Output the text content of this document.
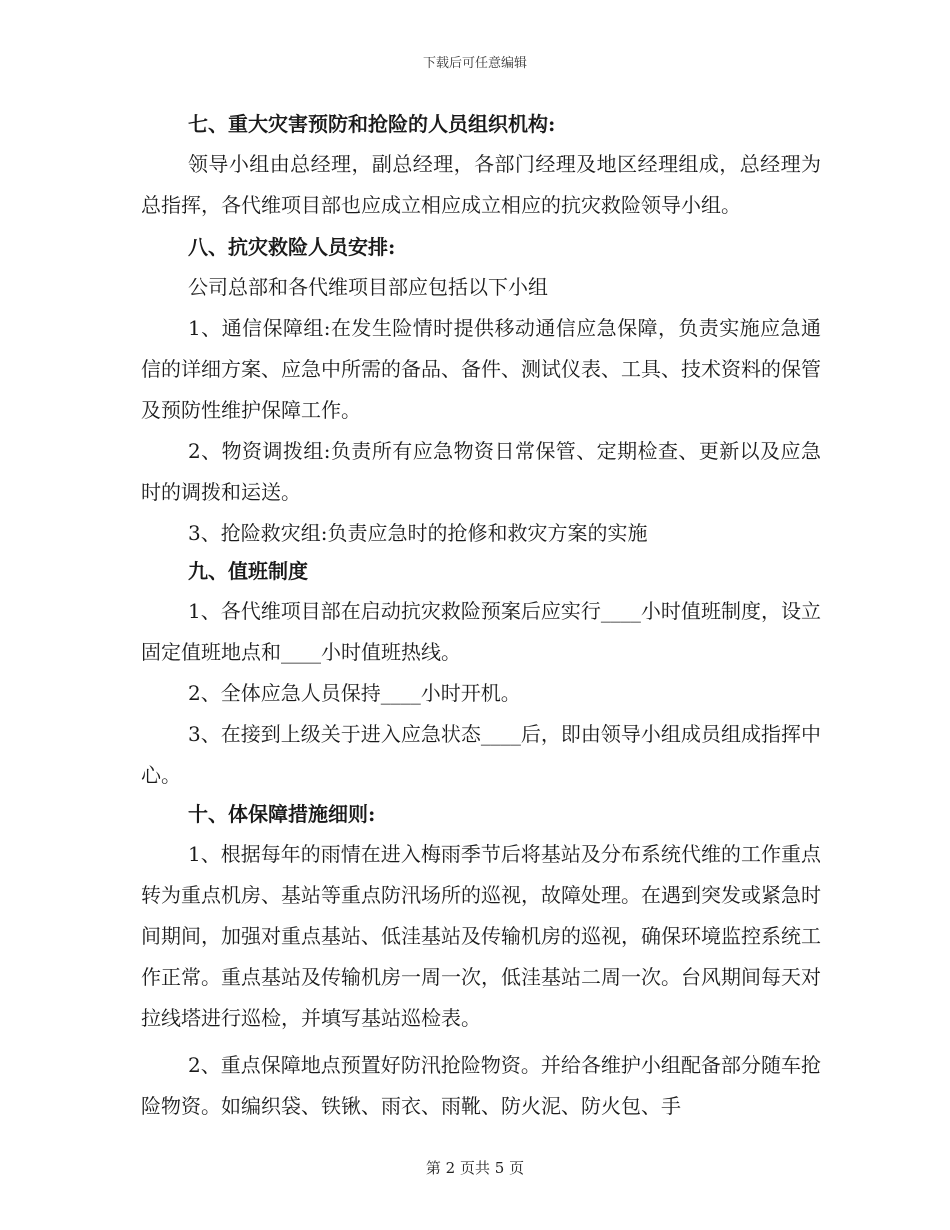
下载后可任意编辑

七、重大灾害预防和抢险的人员组织机构:

领导小组由总经理，副总经理，各部门经理及地区经理组成，总经理为总指挥，各代维项目部也应成立相应成立相应的抗灾救险领导小组。

八、抗灾救险人员安排:

公司总部和各代维项目部应包括以下小组

1、通信保障组:在发生险情时提供移动通信应急保障，负责实施应急通信的详细方案、应急中所需的备品、备件、测试仪表、工具、技术资料的保管及预防性维护保障工作。

2、物资调拨组:负责所有应急物资日常保管、定期检查、更新以及应急时的调拨和运送。

3、抢险救灾组:负责应急时的抢修和救灾方案的实施

九、值班制度

1、各代维项目部在启动抗灾救险预案后应实行____小时值班制度，设立固定值班地点和____小时值班热线。

2、全体应急人员保持____小时开机。

3、在接到上级关于进入应急状态____后，即由领导小组成员组成指挥中心。

十、体保障措施细则:

1、根据每年的雨情在进入梅雨季节后将基站及分布系统代维的工作重点转为重点机房、基站等重点防汛场所的巡视，故障处理。在遇到突发或紧急时间期间，加强对重点基站、低洼基站及传输机房的巡视，确保环境监控系统工作正常。重点基站及传输机房一周一次，低洼基站二周一次。台风期间每天对拉线塔进行巡检，并填写基站巡检表。

2、重点保障地点预置好防汛抢险物资。并给各维护小组配备部分随车抢险物资。如编织袋、铁锹、雨衣、雨靴、防火泥、防火包、手

第 2 页共 5 页
